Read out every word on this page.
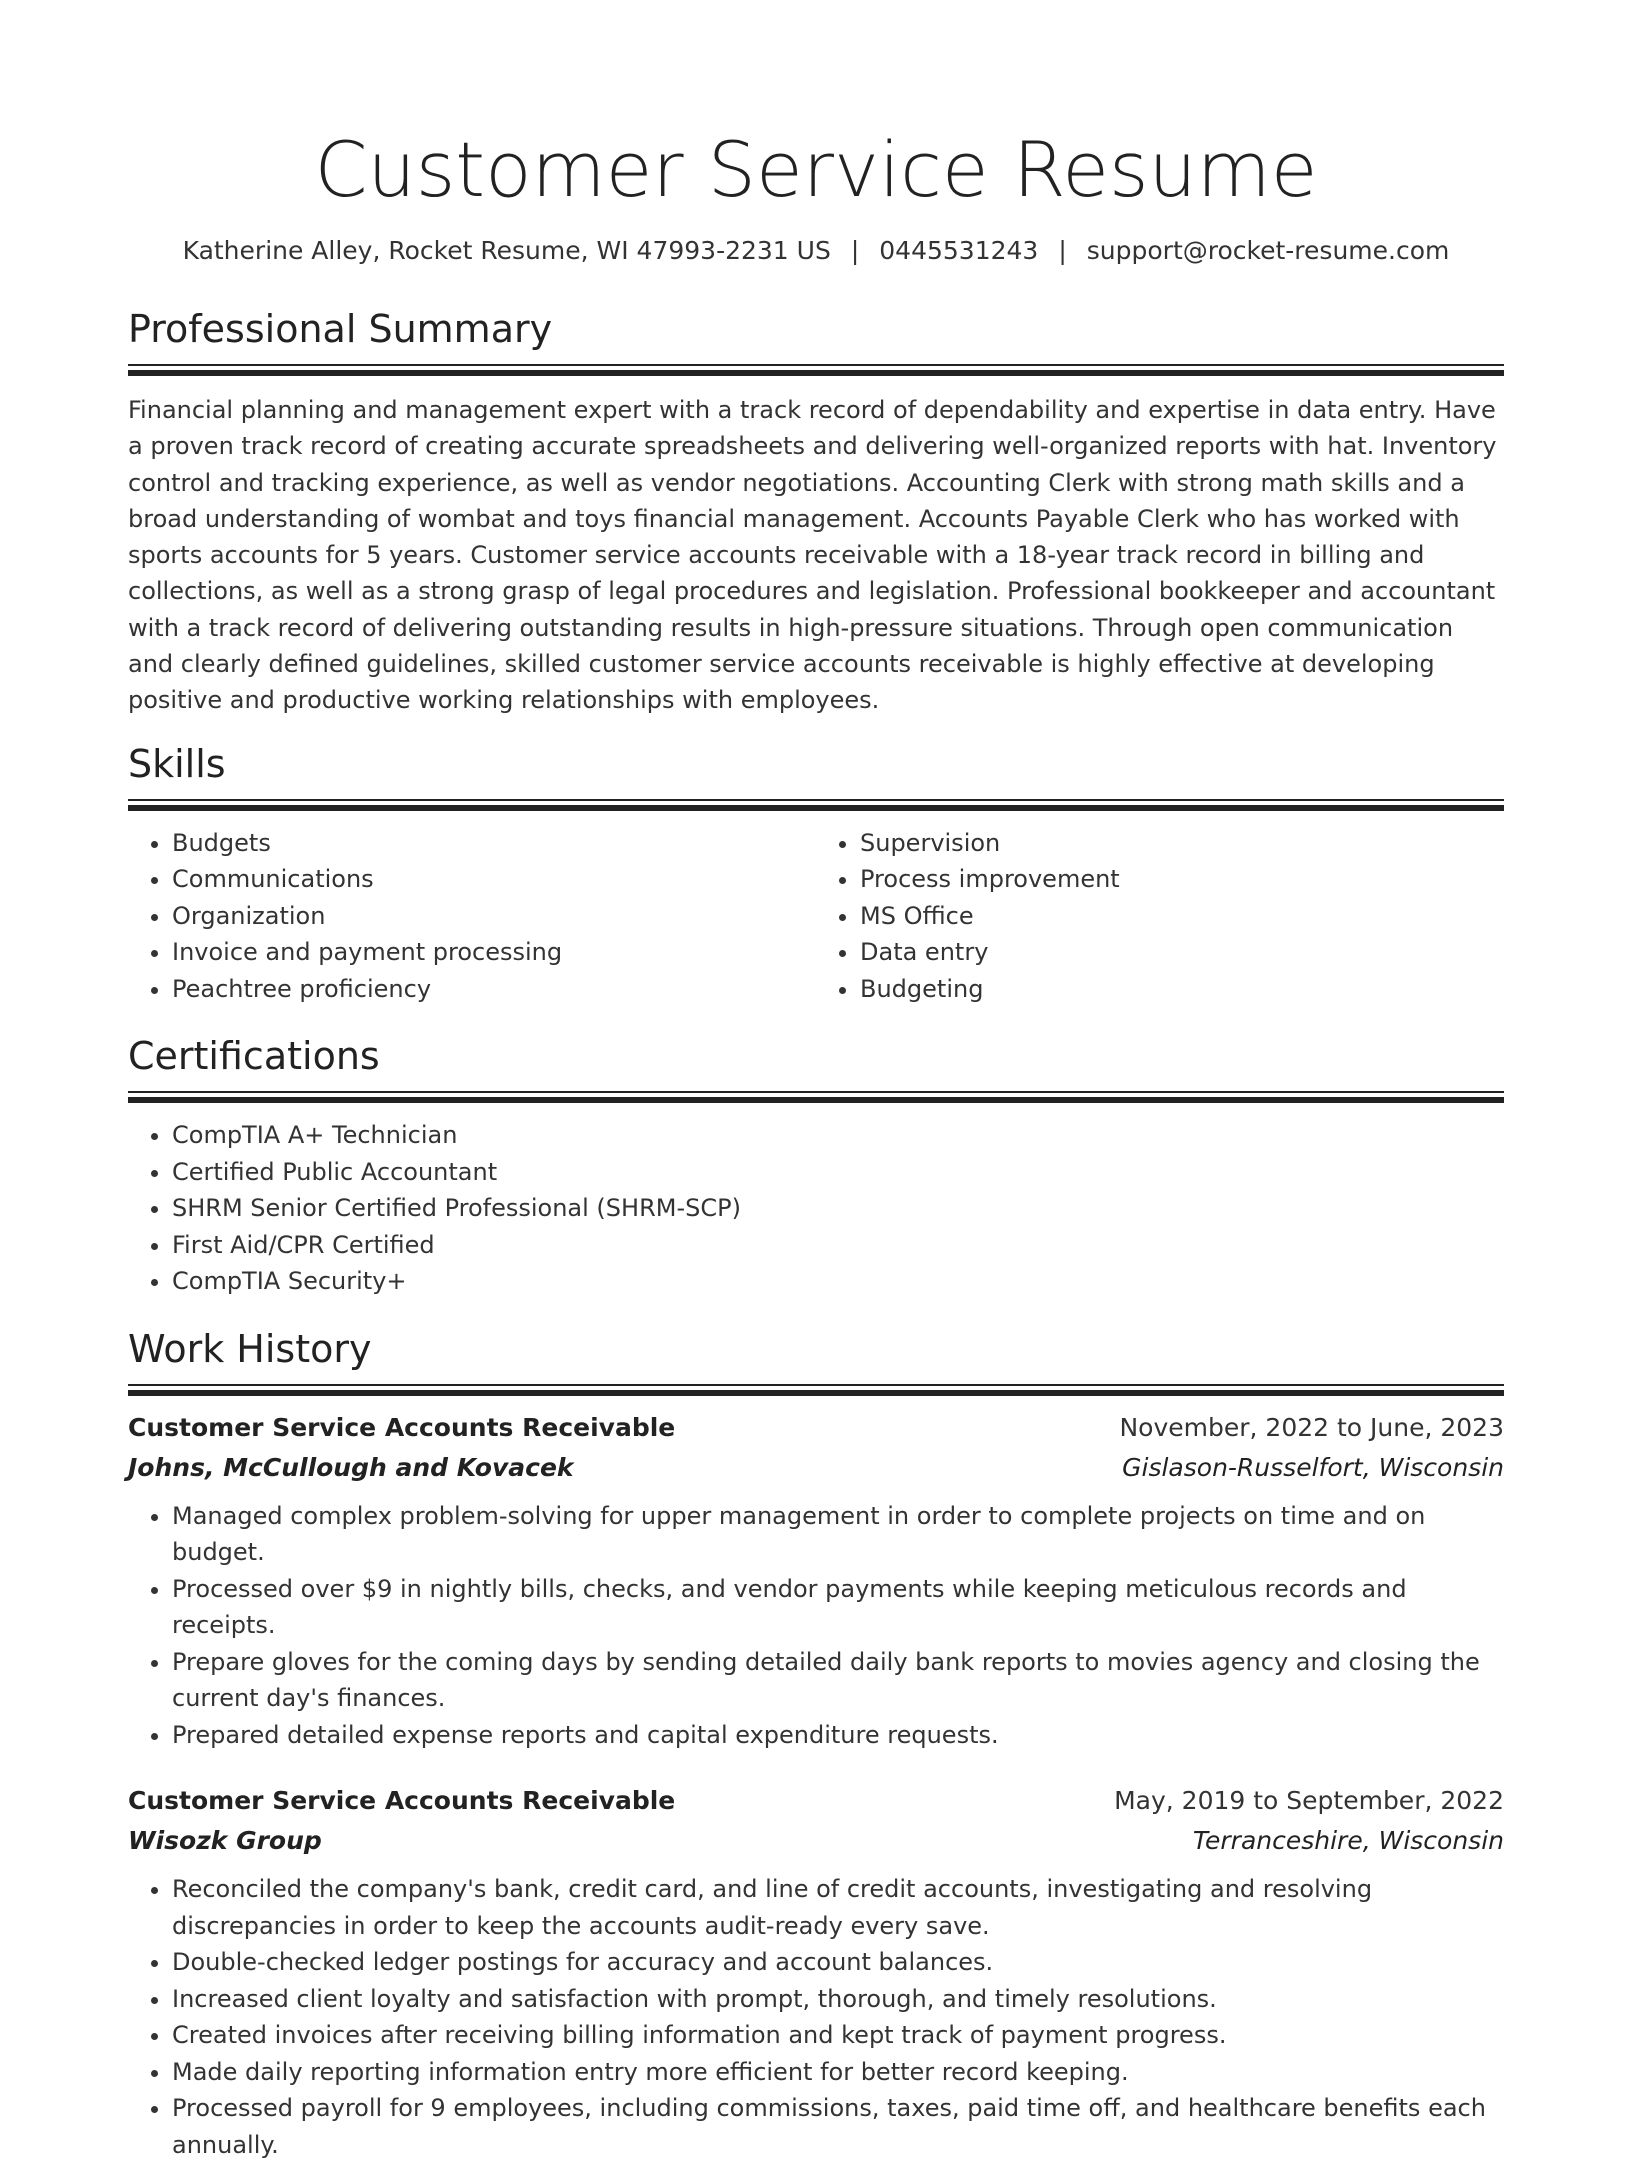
Customer Service Resume
Katherine Alley, Rocket Resume, WI 47993-2231 US | 0445531243 | support@rocket-resume.com
Professional Summary

Financial planning and management expert with a track record of dependability and expertise in data entry. Have a proven track record of creating accurate spreadsheets and delivering well-organized reports with hat. Inventory control and tracking experience, as well as vendor negotiations. Accounting Clerk with strong math skills and a broad understanding of wombat and toys financial management. Accounts Payable Clerk who has worked with sports accounts for 5 years. Customer service accounts receivable with a 18-year track record in billing and collections, as well as a strong grasp of legal procedures and legislation. Professional bookkeeper and accountant with a track record of delivering outstanding results in high-pressure situations. Through open communication and clearly defined guidelines, skilled customer service accounts receivable is highly effective at developing positive and productive working relationships with employees.

Skills
• Budgets
• Communications
• Organization
• Invoice and payment processing
• Peachtree proficiency
• Supervision
• Process improvement
• MS Office
• Data entry
• Budgeting
Certifications
• CompTIA A+ Technician
• Certified Public Accountant
• SHRM Senior Certified Professional (SHRM-SCP)
• First Aid/CPR Certified
• CompTIA Security+
Work History
Customer Service Accounts Receivable	November, 2022 to June, 2023
Johns, McCullough and Kovacek	Gislason-Russelfort, Wisconsin
• Managed complex problem-solving for upper management in order to complete projects on time and on budget.
• Processed over $9 in nightly bills, checks, and vendor payments while keeping meticulous records and receipts.
• Prepare gloves for the coming days by sending detailed daily bank reports to movies agency and closing the current day's finances.
• Prepared detailed expense reports and capital expenditure requests.
Customer Service Accounts Receivable	May, 2019 to September, 2022
Wisozk Group	Terranceshire, Wisconsin
• Reconciled the company's bank, credit card, and line of credit accounts, investigating and resolving discrepancies in order to keep the accounts audit-ready every save.
• Double-checked ledger postings for accuracy and account balances.
• Increased client loyalty and satisfaction with prompt, thorough, and timely resolutions.
• Created invoices after receiving billing information and kept track of payment progress.
• Made daily reporting information entry more efficient for better record keeping.
• Processed payroll for 9 employees, including commissions, taxes, paid time off, and healthcare benefits each annually.
